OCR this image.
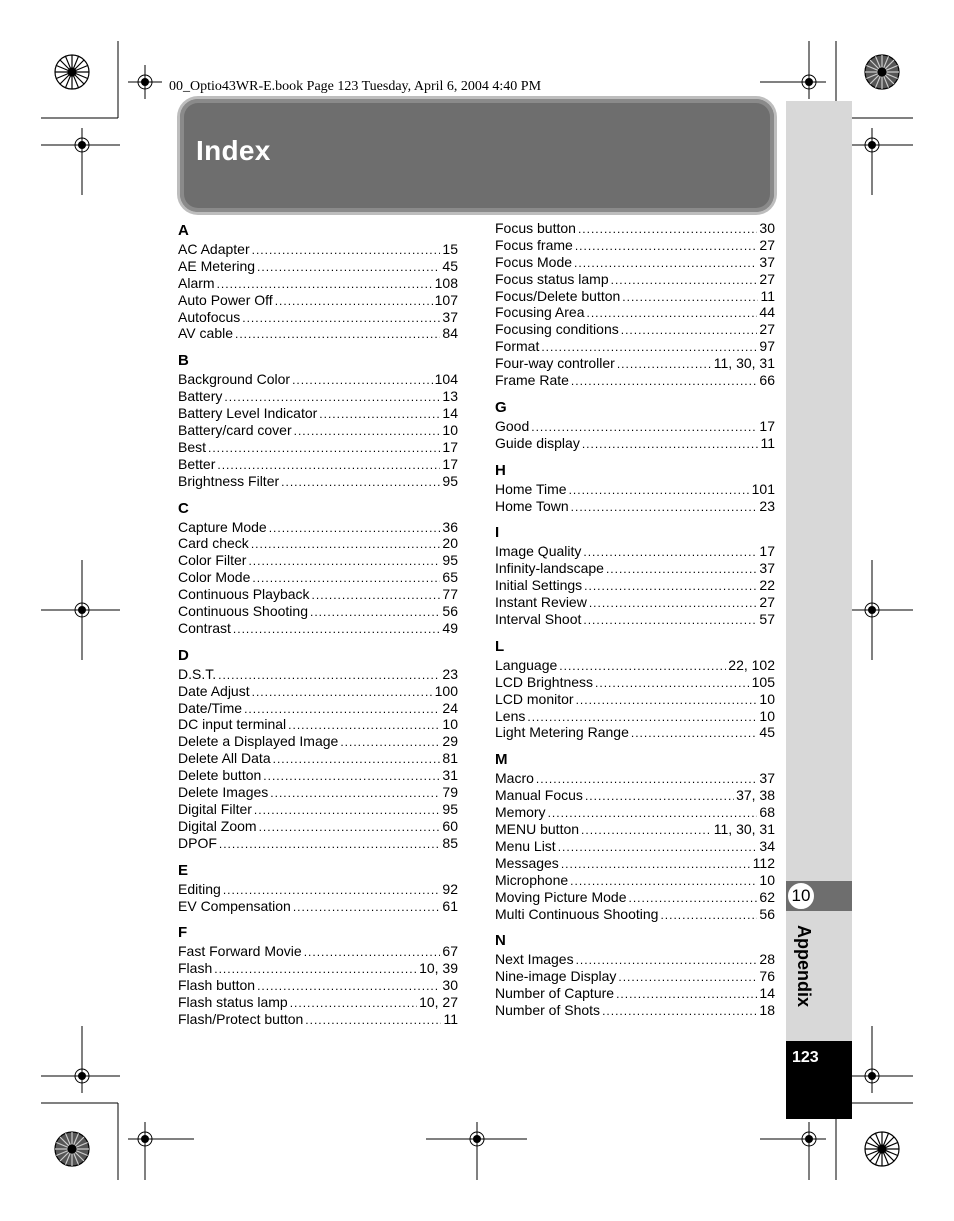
00_Optio43WR-E.book Page 123 Tuesday, April 6, 2004 4:40 PM
10
123
Index
A
AC Adapter .....	15
AE Metering .....	45
Alarm .....	108
Auto Power Off .....	107
Autofocus .....	37
AV cable .....	84
B
Background Color .....	104
Battery .....	13
Battery Level Indicator .....	14
Battery/card cover .....	10
Best .....	17
Better .....	17
Brightness Filter .....	95
C
Capture Mode .....	36
Card check .....	20
Color Filter .....	95
Color Mode .....	65
Continuous Playback .....	77
Continuous Shooting .....	56
Contrast .....	49
D
D.S.T. .....	23
Date Adjust .....	100
Date/Time .....	24
DC input terminal .....	10
Delete a Displayed Image .....	29
Delete All Data .....	81
Delete button .....	31
Delete Images .....	79
Digital Filter .....	95
Digital Zoom .....	60
DPOF .....	85
E
Editing .....	92
EV Compensation .....	61
F
Fast Forward Movie .....	67
Flash .....	10, 39
Flash button .....	30
Flash status lamp .....	10, 27
Flash/Protect button .....	11
Focus button .....	30
Focus frame .....	27
Focus Mode .....	37
Focus status lamp .....	27
Focus/Delete button .....	11
Focusing Area .....	44
Focusing conditions .....	27
Format .....	97
Four-way controller .....	11, 30, 31
Frame Rate .....	66
G
Good .....	17
Guide display .....	11
H
Home Time .....	101
Home Town .....	23
I
Image Quality .....	17
Infinity-landscape .....	37
Initial Settings .....	22
Instant Review .....	27
Interval Shoot .....	57
L
Language .....	22, 102
LCD Brightness .....	105
LCD monitor .....	10
Lens .....	10
Light Metering Range .....	45
M
Macro .....	37
Manual Focus .....	37, 38
Memory .....	68
MENU button .....	11, 30, 31
Menu List .....	34
Messages .....	112
Microphone .....	10
Moving Picture Mode .....	62
Multi Continuous Shooting .....	56
N
Next Images .....	28
Nine-image Display .....	76
Number of Capture .....	14
Number of Shots .....	18
